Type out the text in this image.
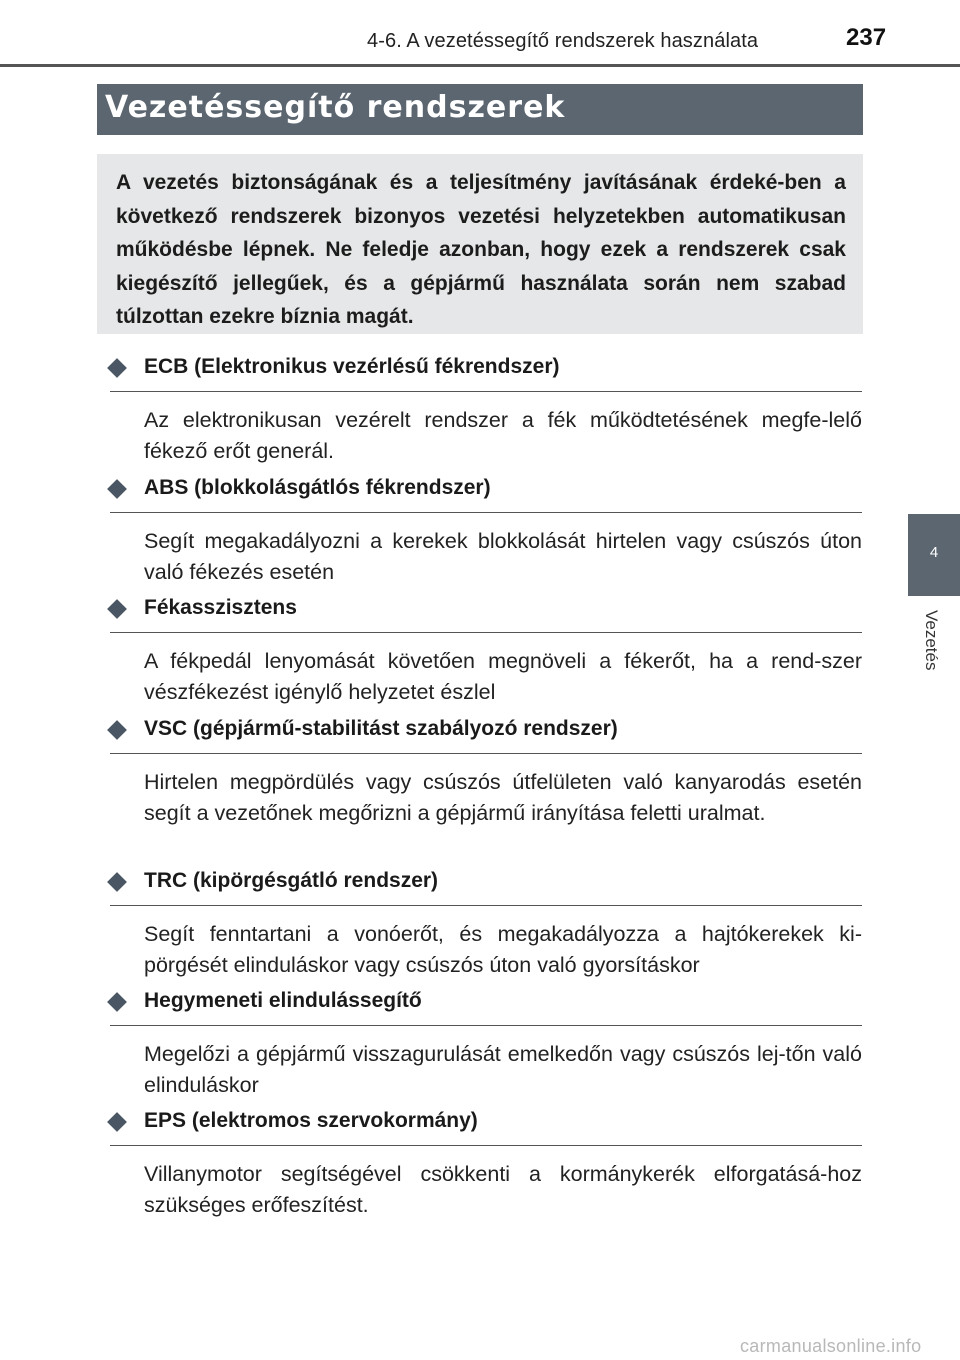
4-6. A vezetéssegítő rendszerek használata	237
Vezetéssegítő rendszerek

A vezetés biztonságának és a teljesítmény javításának érdeké-ben a következő rendszerek bizonyos vezetési helyzetekben automatikusan működésbe lépnek. Ne feledje azonban, hogy ezek a rendszerek csak kiegészítő jellegűek, és a gépjármű használata során nem szabad túlzottan ezekre bíznia magát.

ECB (Elektronikus vezérlésű fékrendszer)
Az elektronikusan vezérelt rendszer a fék működtetésének megfe-lelő fékező erőt generál.
ABS (blokkolásgátlós fékrendszer)
Segít megakadályozni a kerekek blokkolását hirtelen vagy csúszós úton való fékezés esetén
Fékasszisztens
A fékpedál lenyomását követően megnöveli a fékerőt, ha a rend-szer vészfékezést igénylő helyzetet észlel
VSC (gépjármű-stabilitást szabályozó rendszer)
Hirtelen megpördülés vagy csúszós útfelületen való kanyarodás esetén segít a vezetőnek megőrizni a gépjármű irányítása feletti uralmat.
TRC (kipörgésgátló rendszer)
Segít fenntartani a vonóerőt, és megakadályozza a hajtókerekek ki-pörgését elinduláskor vagy csúszós úton való gyorsításkor
Hegymeneti elindulássegítő
Megelőzi a gépjármű visszagurulását emelkedőn vagy csúszós lej-tőn való elinduláskor
EPS (elektromos szervokormány)
Villanymotor segítségével csökkenti a kormánykerék elforgatásá-hoz szükséges erőfeszítést.
4
Vezetés
carmanualsonline.info
